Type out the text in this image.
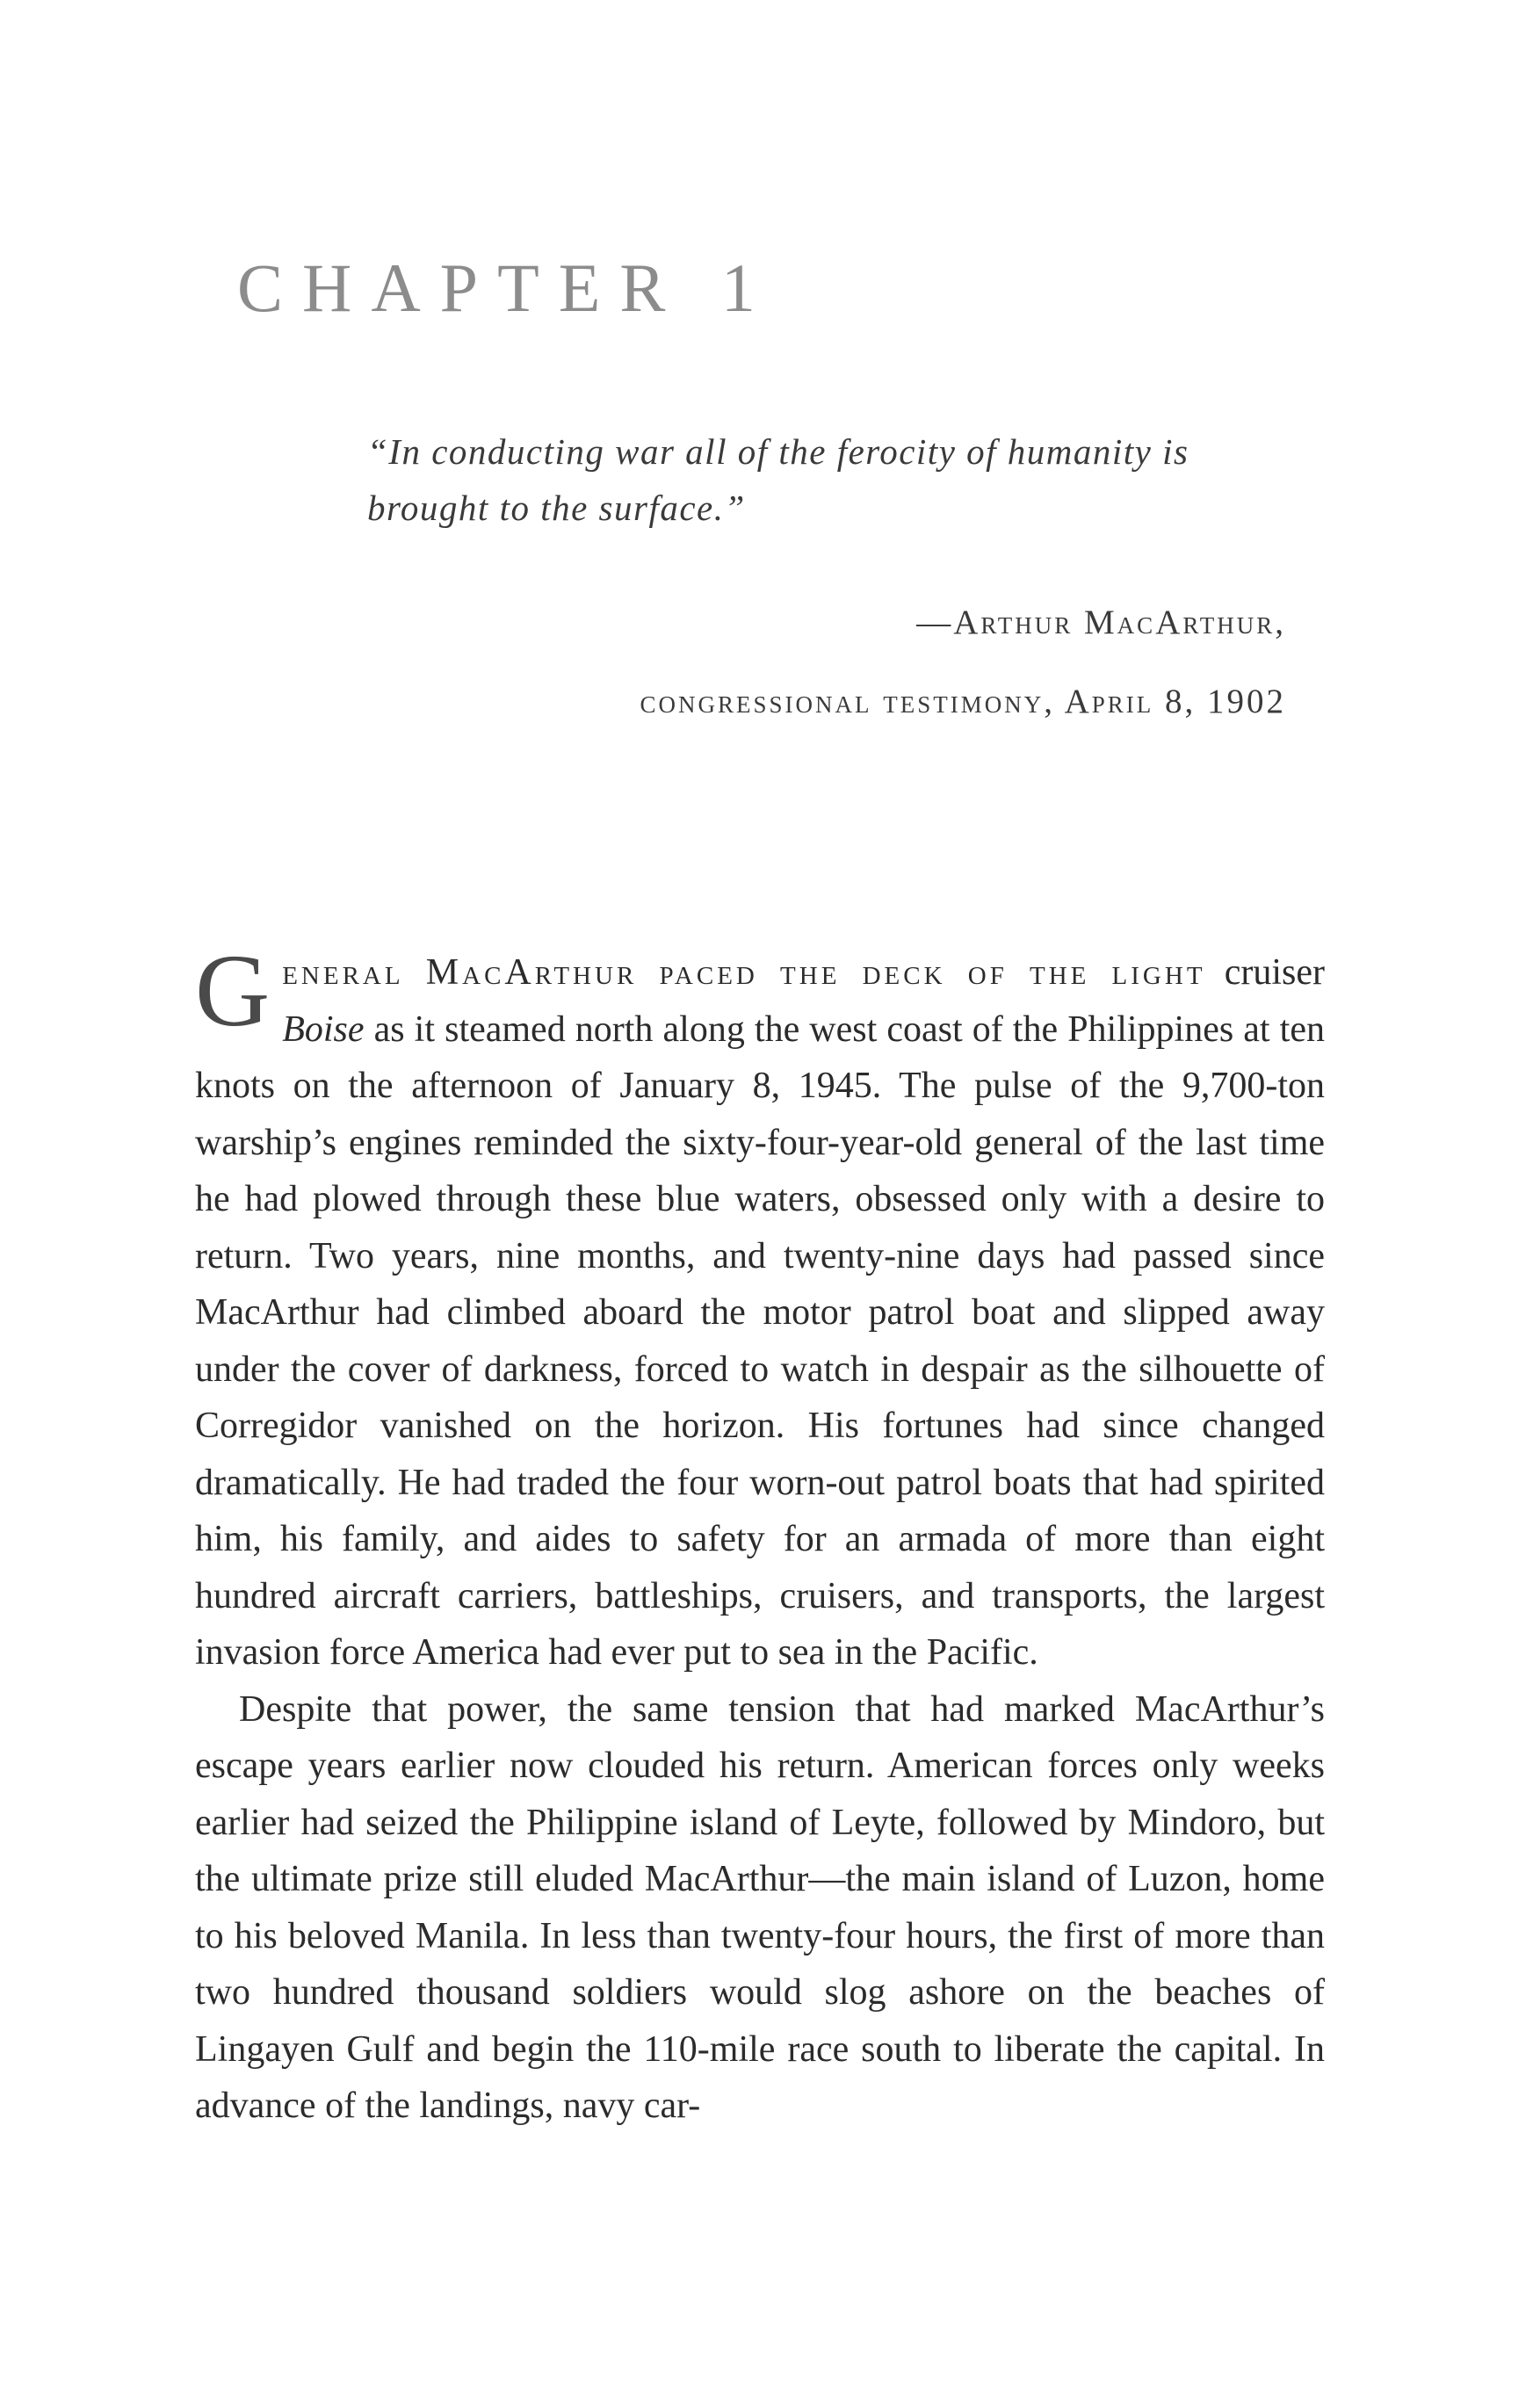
CHAPTER 1

“In conducting war all of the ferocity of humanity is brought to the surface.”

—Arthur MacArthur,
congressional testimony, April 8, 1902

General MacArthur paced the deck of the light cruiser Boise as it steamed north along the west coast of the Philippines at ten knots on the afternoon of January 8, 1945. The pulse of the 9,700-ton warship’s engines reminded the sixty-four-year-old general of the last time he had plowed through these blue waters, obsessed only with a desire to return. Two years, nine months, and twenty-nine days had passed since MacArthur had climbed aboard the motor patrol boat and slipped away under the cover of darkness, forced to watch in despair as the silhouette of Corregidor vanished on the horizon. His fortunes had since changed dramatically. He had traded the four worn-out patrol boats that had spirited him, his family, and aides to safety for an armada of more than eight hundred aircraft carriers, battleships, cruisers, and transports, the largest invasion force America had ever put to sea in the Pacific.

Despite that power, the same tension that had marked MacArthur’s escape years earlier now clouded his return. American forces only weeks earlier had seized the Philippine island of Leyte, followed by Mindoro, but the ultimate prize still eluded MacArthur—the main island of Luzon, home to his beloved Manila. In less than twenty-four hours, the first of more than two hundred thousand soldiers would slog ashore on the beaches of Lingayen Gulf and begin the 110-mile race south to liberate the capital. In advance of the landings, navy car-
